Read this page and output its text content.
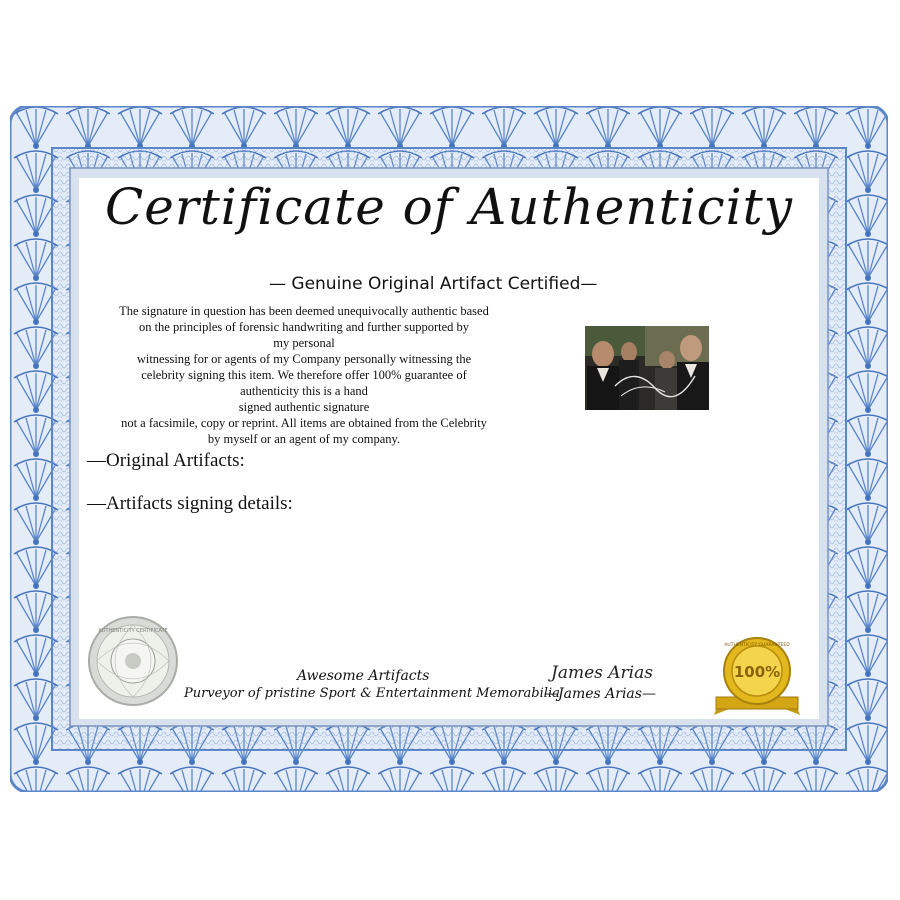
Certificate of Authenticity
— Genuine Original Artifact Certified—
The signature in question has been deemed unequivocally authentic based
on the principles of forensic handwriting and further supported by
my personal
witnessing for or agents of my Company personally witnessing the
celebrity signing this item. We therefore offer 100% guarantee of
authenticity this is a hand
signed authentic signature
not a facsimile, copy or reprint. All items are obtained from the Celebrity
by myself or an agent of my company.
—Original Artifacts:
—Artifacts signing details:
AUTHENTICITY CERTIFICATE
100%
AUTHENTICITY GUARANTEED
Awesome Artifacts
Purveyor of pristine Sport & Entertainment Memorabilia
James Arias
—James Arias—
